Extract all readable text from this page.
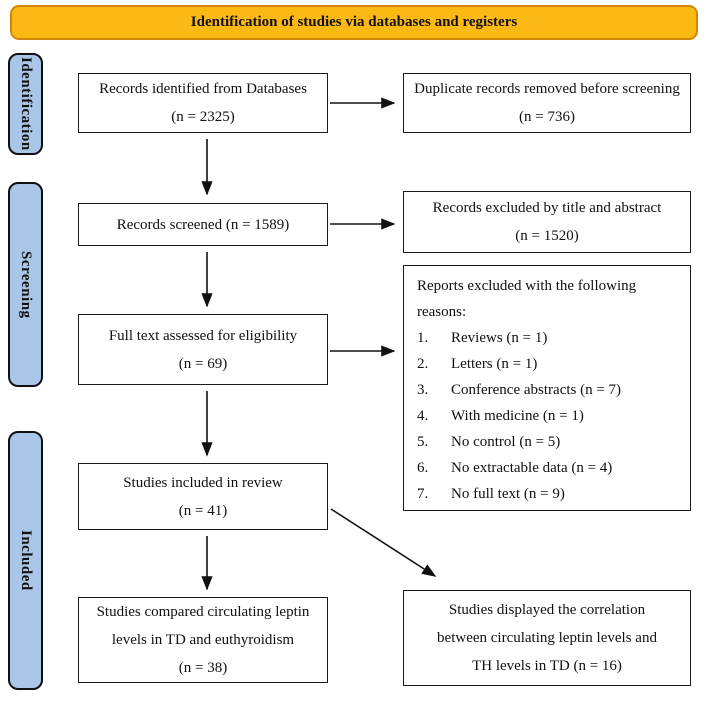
Identification of studies via databases and registers
Identification
Screening
Included
Records identified from Databases
(n = 2325)
Records screened (n = 1589)
Full text assessed for eligibility
(n = 69)
Studies included in review
(n = 41)
Studies compared circulating leptin
levels in TD and euthyroidism
(n = 38)
Duplicate records removed before screening
(n = 736)
Records excluded by title and abstract
(n = 1520)
Reports excluded with the following reasons:
1.	Reviews (n = 1)
2.	Letters (n = 1)
3.	Conference abstracts (n = 7)
4.	With medicine (n = 1)
5.	No control (n = 5)
6.	No extractable data (n = 4)
7.	No full text (n = 9)
Studies displayed the correlation
between circulating leptin levels and
TH levels in TD (n = 16)
